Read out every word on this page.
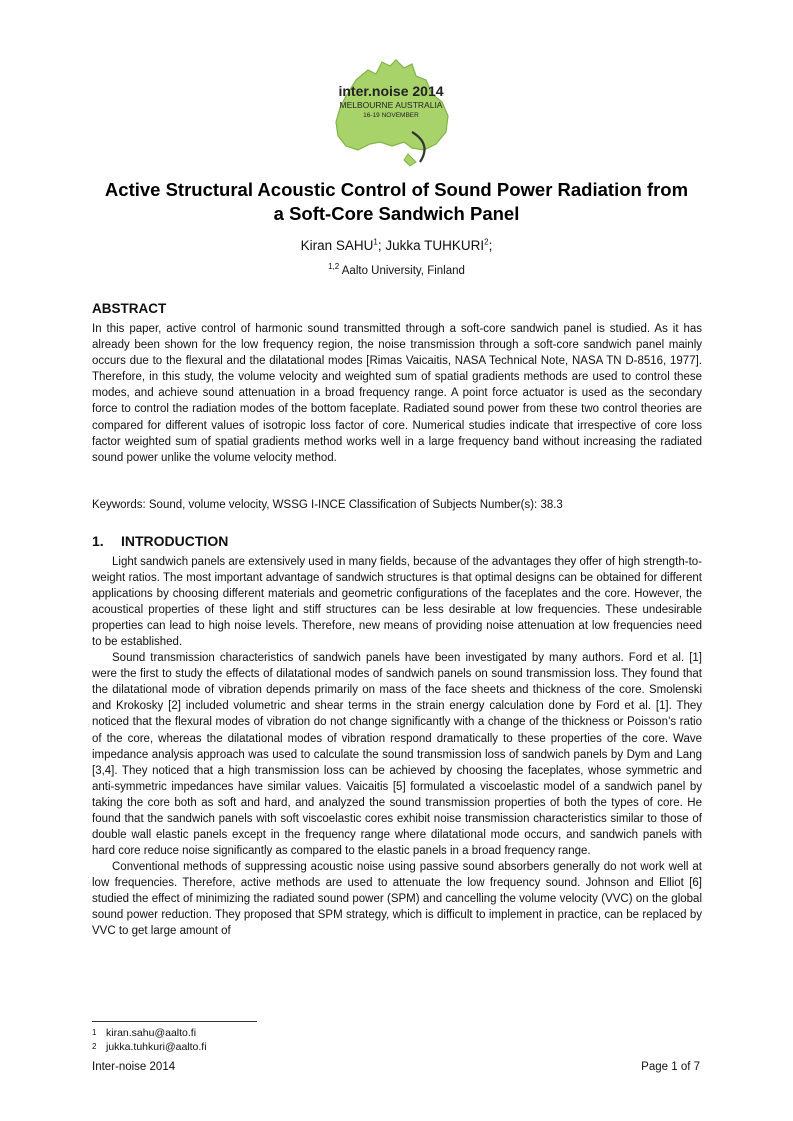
inter.noise 2014
MELBOURNE AUSTRALIA
16-19 NOVEMBER
Active Structural Acoustic Control of Sound Power Radiation from
a Soft-Core Sandwich Panel

Kiran SAHU$^1$; Jukka TUHKURI$^2$;

$^{1,2}$ Aalto University, Finland

ABSTRACT

In this paper, active control of harmonic sound transmitted through a soft-core sandwich panel is studied. As it has already been shown for the low frequency region, the noise transmission through a soft-core sandwich panel mainly occurs due to the flexural and the dilatational modes [Rimas Vaicaitis, NASA Technical Note, NASA TN D-8516, 1977]. Therefore, in this study, the volume velocity and weighted sum of spatial gradients methods are used to control these modes, and achieve sound attenuation in a broad frequency range. A point force actuator is used as the secondary force to control the radiation modes of the bottom faceplate. Radiated sound power from these two control theories are compared for different values of isotropic loss factor of core. Numerical studies indicate that irrespective of core loss factor weighted sum of spatial gradients method works well in a large frequency band without increasing the radiated sound power unlike the volume velocity method.

Keywords: Sound, volume velocity, WSSG I-INCE Classification of Subjects Number(s): 38.3

1. INTRODUCTION

Light sandwich panels are extensively used in many fields, because of the advantages they offer of high strength-to-weight ratios. The most important advantage of sandwich structures is that optimal designs can be obtained for different applications by choosing different materials and geometric configurations of the faceplates and the core. However, the acoustical properties of these light and stiff structures can be less desirable at low frequencies. These undesirable properties can lead to high noise levels. Therefore, new means of providing noise attenuation at low frequencies need to be established.

Sound transmission characteristics of sandwich panels have been investigated by many authors. Ford et al. [1] were the first to study the effects of dilatational modes of sandwich panels on sound transmission loss. They found that the dilatational mode of vibration depends primarily on mass of the face sheets and thickness of the core. Smolenski and Krokosky [2] included volumetric and shear terms in the strain energy calculation done by Ford et al. [1]. They noticed that the flexural modes of vibration do not change significantly with a change of the thickness or Poisson’s ratio of the core, whereas the dilatational modes of vibration respond dramatically to these properties of the core. Wave impedance analysis approach was used to calculate the sound transmission loss of sandwich panels by Dym and Lang [3,4]. They noticed that a high transmission loss can be achieved by choosing the faceplates, whose symmetric and anti-symmetric impedances have similar values. Vaicaitis [5] formulated a viscoelastic model of a sandwich panel by taking the core both as soft and hard, and analyzed the sound transmission properties of both the types of core. He found that the sandwich panels with soft viscoelastic cores exhibit noise transmission characteristics similar to those of double wall elastic panels except in the frequency range where dilatational mode occurs, and sandwich panels with hard core reduce noise significantly as compared to the elastic panels in a broad frequency range.

Conventional methods of suppressing acoustic noise using passive sound absorbers generally do not work well at low frequencies. Therefore, active methods are used to attenuate the low frequency sound. Johnson and Elliot [6] studied the effect of minimizing the radiated sound power (SPM) and cancelling the volume velocity (VVC) on the global sound power reduction. They proposed that SPM strategy, which is difficult to implement in practice, can be replaced by VVC to get large amount of

1 kiran.sahu@aalto.fi
2 jukka.tuhkuri@aalto.fi

Inter-noise 2014	Page 1 of 7
